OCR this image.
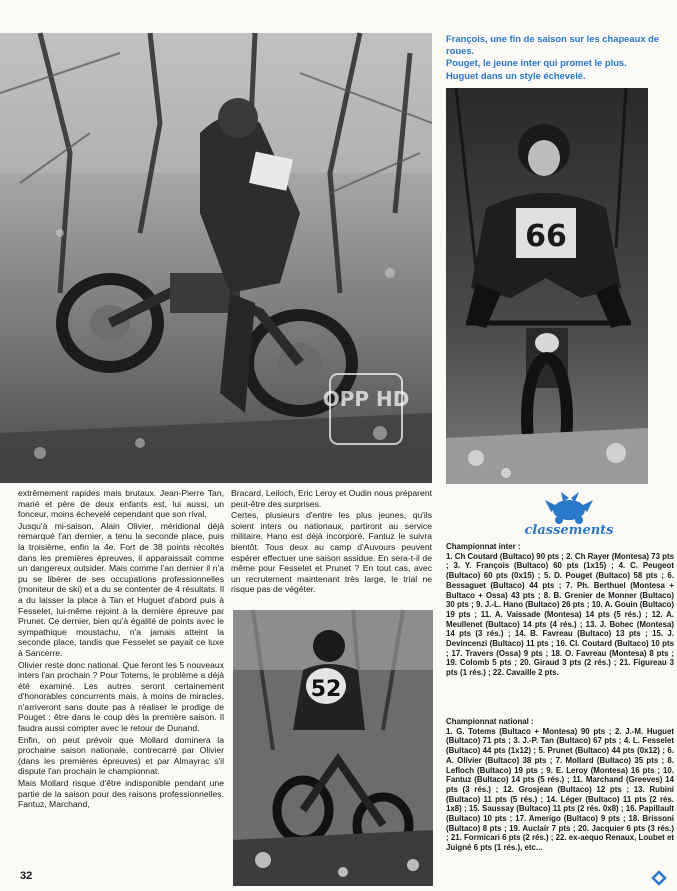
OPP HD

François, une fin de saison sur les chapeaux de roues.

Pouget, le jeune inter qui promet le plus.

Huguet dans un style échevelé.

66
classements

extrêmement rapides mais brutaux. Jean-Pierre Tan, marié et père de deux enfants est, lui aussi, un fonceur, moins échevelé cependant que son rival.

Jusqu'à mi-saison, Alain Olivier, méridional déjà remarqué l'an dernier, a tenu la seconde place, puis la troisième, enfin la 4e. Fort de 38 points récoltés dans les premières épreuves, il apparaissait comme un dangereux outsider. Mais comme l'an dernier il n'a pu se libérer de ses occupations professionnelles (moniteur de ski) et a du se contenter de 4 résultats. Il a du laisser la place à Tan et Huguet d'abord puis à Fesselet, lui-même rejoint à la dernière épreuve par Prunet. Ce dernier, bien qu'à égalité de points avec le sympathique moustachu, n'a jamais atteint la seconde place, tandis que Fesselet se payait ce luxe à Sancerre.

Olivier reste donc national. Que feront les 5 nouveaux inters l'an prochain ? Pour Totems, le problème a déjà été examiné. Les autres seront certainement d'honorables concurrents mais, à moins de miracles, n'arriveront sans doute pas à réaliser le prodige de Pouget : être dans le coup dès la première saison. Il faudra aussi compter avec le retour de Dunand.

Enfin, on peut prévoir que Mollard dominera la prochaine saison nationale, contrecarré par Olivier (dans les premières épreuves) et par Almayrac s'il dispute l'an prochain le championnat.

Mais Mollard risque d'être indisponible pendant une partie de la saison pour des raisons professionnelles. Fantuz, Marchand,

Bracard, Leiloch, Eric Leroy et Oudin nous préparent peut-être des surprises.

Certes, plusieurs d'entre les plus jeunes, qu'ils soient inters ou nationaux, partiront au service militaire. Hano est déjà incorporé. Fantuz le suivra bientôt. Tous deux au camp d'Auvours peuvent espérer effectuer une saison assidue. En sera-t-il de même pour Fesselet et Prunet ? En tout cas, avec un recrutement maintenant très large, le trial ne risque pas de végéter.

52
Championnat inter :
1. Ch Coutard (Bultaco) 90 pts ; 2. Ch Rayer (Montesa) 73 pts ; 3. Y. François (Bultaco) 60 pts (1x15) ; 4. C. Peugeot (Bultaco) 60 pts (0x15) ; 5. D. Pouget (Bultaco) 58 pts ; 6. Bessaguet (Bultaco) 44 pts ; 7. Ph. Berthuel (Montesa + Bultaco + Ossa) 43 pts ; 8. B. Grenier de Monner (Bultaco) 30 pts ; 9. J.-L. Hano (Bultaco) 26 pts ; 10. A. Gouin (Bultaco) 19 pts ; 11. A. Vaissade (Montesa) 14 pts (5 rés.) ; 12. A. Meullenet (Bultaco) 14 pts (4 rés.) ; 13. J. Bohec (Montesa) 14 pts (3 rés.) ; 14. B. Favreau (Bultaco) 13 pts ; 15. J. Devincenzi (Bultaco) 11 pts ; 16. Cl. Coutard (Bultaco) 10 pts ; 17. Travers (Ossa) 9 pts ; 18. O. Favreau (Montesa) 8 pts ; 19. Colomb 5 pts ; 20. Giraud 3 pts (2 rés.) ; 21. Figureau 3 pts (1 rés.) ; 22. Cavaille 2 pts.
Championnat national :
1. G. Totems (Bultaco + Montesa) 90 pts ; 2. J.-M. Huguet (Bultaco) 71 pts ; 3. J.-P. Tan (Bultaco) 67 pts ; 4. L. Fesselet (Bultaco) 44 pts (1x12) ; 5. Prunet (Bultaco) 44 pts (0x12) ; 6. A. Olivier (Bultaco) 38 pts ; 7. Mollard (Bultaco) 35 pts ; 8. Lefloch (Bultaco) 19 pts ; 9. E. Leroy (Montesa) 16 pts ; 10. Fantuz (Bultaco) 14 pts (5 rés.) ; 11. Marchand (Greeves) 14 pts (3 rés.) ; 12. Grosjean (Bultaco) 12 pts ; 13. Rubini (Bultaco) 11 pts (5 rés.) ; 14. Léger (Bultaco) 11 pts (2 rés. 1x8) ; 15. Saussay (Bultaco) 11 pts (2 rés. 0x8) ; 16. Papillault (Bultaco) 10 pts ; 17. Amerigo (Bultaco) 9 pts ; 18. Brissoni (Bultaco) 8 pts ; 19. Auclair 7 pts ; 20. Jacquier 6 pts (3 rés.) ; 21. Formicari 6 pts (2 rés.) ; 22. ex-aequo Renaux, Loubet et Juigné 6 pts (1 rés.), etc...
32
